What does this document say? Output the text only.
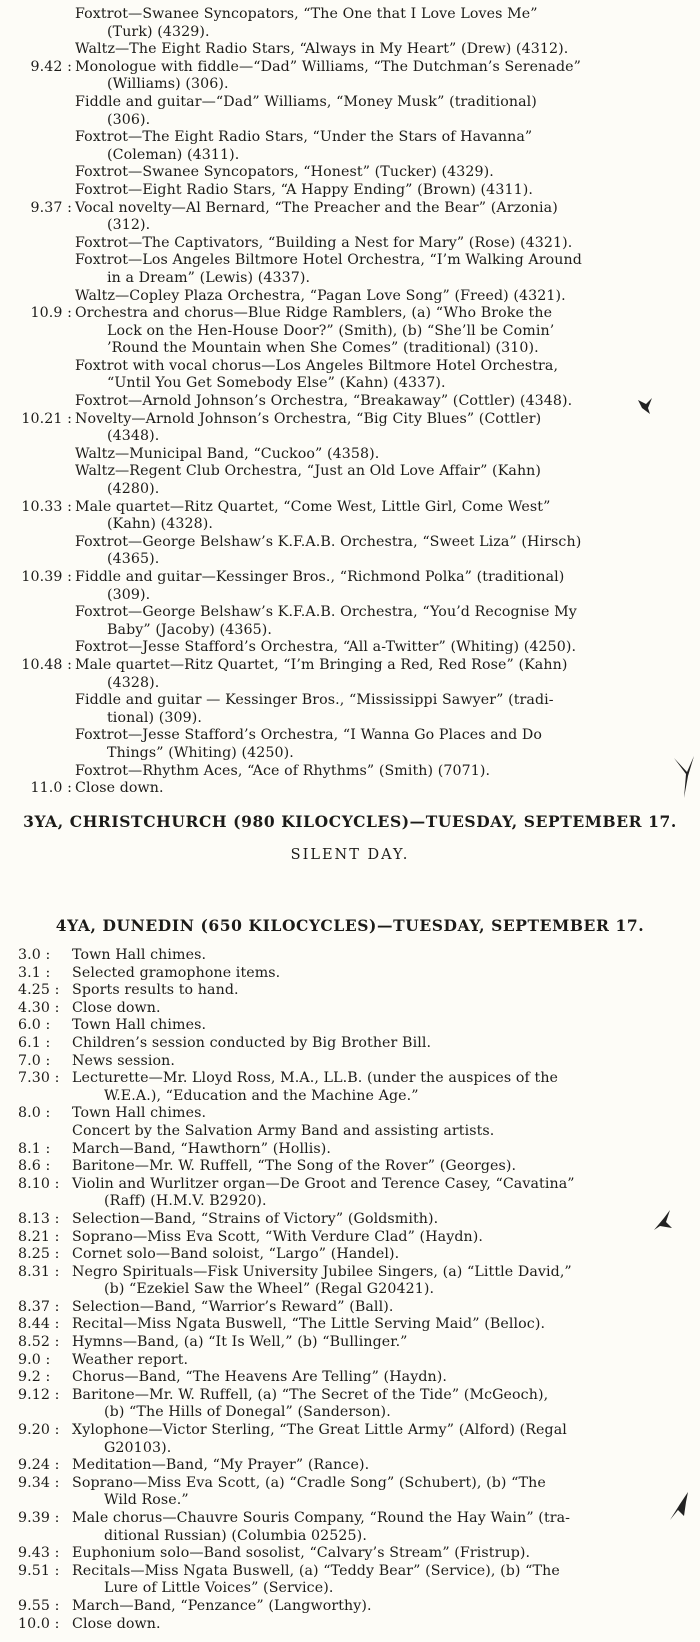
Foxtrot—Swanee Syncopators, “The One that I Love Loves Me”
(Turk) (4329).
Waltz—The Eight Radio Stars, “Always in My Heart” (Drew) (4312).
9.42 : Monologue with fiddle—“Dad” Williams, “The Dutchman’s Serenade”
(Williams) (306).
Fiddle and guitar—“Dad” Williams, “Money Musk” (traditional)
(306).
Foxtrot—The Eight Radio Stars, “Under the Stars of Havanna”
(Coleman) (4311).
Foxtrot—Swanee Syncopators, “Honest” (Tucker) (4329).
Foxtrot—Eight Radio Stars, “A Happy Ending” (Brown) (4311).
9.37 : Vocal novelty—Al Bernard, “The Preacher and the Bear” (Arzonia)
(312).
Foxtrot—The Captivators, “Building a Nest for Mary” (Rose) (4321).
Foxtrot—Los Angeles Biltmore Hotel Orchestra, “I’m Walking Around
in a Dream” (Lewis) (4337).
Waltz—Copley Plaza Orchestra, “Pagan Love Song” (Freed) (4321).
10.9 : Orchestra and chorus—Blue Ridge Ramblers, (a) “Who Broke the
Lock on the Hen-House Door?” (Smith), (b) “She’ll be Comin’
’Round the Mountain when She Comes” (traditional) (310).
Foxtrot with vocal chorus—Los Angeles Biltmore Hotel Orchestra,
“Until You Get Somebody Else” (Kahn) (4337).
Foxtrot—Arnold Johnson’s Orchestra, “Breakaway” (Cottler) (4348).
10.21 : Novelty—Arnold Johnson’s Orchestra, “Big City Blues” (Cottler)
(4348).
Waltz—Municipal Band, “Cuckoo” (4358).
Waltz—Regent Club Orchestra, “Just an Old Love Affair” (Kahn)
(4280).
10.33 : Male quartet—Ritz Quartet, “Come West, Little Girl, Come West”
(Kahn) (4328).
Foxtrot—George Belshaw’s K.F.A.B. Orchestra, “Sweet Liza” (Hirsch)
(4365).
10.39 : Fiddle and guitar—Kessinger Bros., “Richmond Polka” (traditional)
(309).
Foxtrot—George Belshaw’s K.F.A.B. Orchestra, “You’d Recognise My
Baby” (Jacoby) (4365).
Foxtrot—Jesse Stafford’s Orchestra, “All a-Twitter” (Whiting) (4250).
10.48 : Male quartet—Ritz Quartet, “I’m Bringing a Red, Red Rose” (Kahn)
(4328).
Fiddle and guitar — Kessinger Bros., “Mississippi Sawyer” (tradi-
tional) (309).
Foxtrot—Jesse Stafford’s Orchestra, “I Wanna Go Places and Do
Things” (Whiting) (4250).
Foxtrot—Rhythm Aces, “Ace of Rhythms” (Smith) (7071).
11.0 : Close down.
3YA, CHRISTCHURCH (980 KILOCYCLES)—TUESDAY, SEPTEMBER 17.
SILENT DAY.
4YA, DUNEDIN (650 KILOCYCLES)—TUESDAY, SEPTEMBER 17.
3.0 :	Town Hall chimes.
3.1 :	Selected gramophone items.
4.25 : Sports results to hand.
4.30 : Close down.
6.0 :	Town Hall chimes.
6.1 :	Children’s session conducted by Big Brother Bill.
7.0 :	News session.
7.30 : Lecturette—Mr. Lloyd Ross, M.A., LL.B. (under the auspices of the
W.E.A.), “Education and the Machine Age.”
8.0 :	Town Hall chimes.
Concert by the Salvation Army Band and assisting artists.
8.1 :	March—Band, “Hawthorn” (Hollis).
8.6 :	Baritone—Mr. W. Ruffell, “The Song of the Rover” (Georges).
8.10 : Violin and Wurlitzer organ—De Groot and Terence Casey, “Cavatina”
(Raff) (H.M.V. B2920).
8.13 : Selection—Band, “Strains of Victory” (Goldsmith).
8.21 : Soprano—Miss Eva Scott, “With Verdure Clad” (Haydn).
8.25 : Cornet solo—Band soloist, “Largo” (Handel).
8.31 : Negro Spirituals—Fisk University Jubilee Singers, (a) “Little David,”
(b) “Ezekiel Saw the Wheel” (Regal G20421).
8.37 : Selection—Band, “Warrior’s Reward” (Ball).
8.44 : Recital—Miss Ngata Buswell, “The Little Serving Maid” (Belloc).
8.52 : Hymns—Band, (a) “It Is Well,” (b) “Bullinger.”
9.0 :	Weather report.
9.2 :	Chorus—Band, “The Heavens Are Telling” (Haydn).
9.12 : Baritone—Mr. W. Ruffell, (a) “The Secret of the Tide” (McGeoch),
(b) “The Hills of Donegal” (Sanderson).
9.20 : Xylophone—Victor Sterling, “The Great Little Army” (Alford) (Regal
G20103).
9.24 : Meditation—Band, “My Prayer” (Rance).
9.34 : Soprano—Miss Eva Scott, (a) “Cradle Song” (Schubert), (b) “The
Wild Rose.”
9.39 : Male chorus—Chauvre Souris Company, “Round the Hay Wain” (tra-
ditional Russian) (Columbia 02525).
9.43 : Euphonium solo—Band sosolist, “Calvary’s Stream” (Fristrup).
9.51 : Recitals—Miss Ngata Buswell, (a) “Teddy Bear” (Service), (b) “The
Lure of Little Voices” (Service).
9.55 : March—Band, “Penzance” (Langworthy).
10.0 : Close down.
